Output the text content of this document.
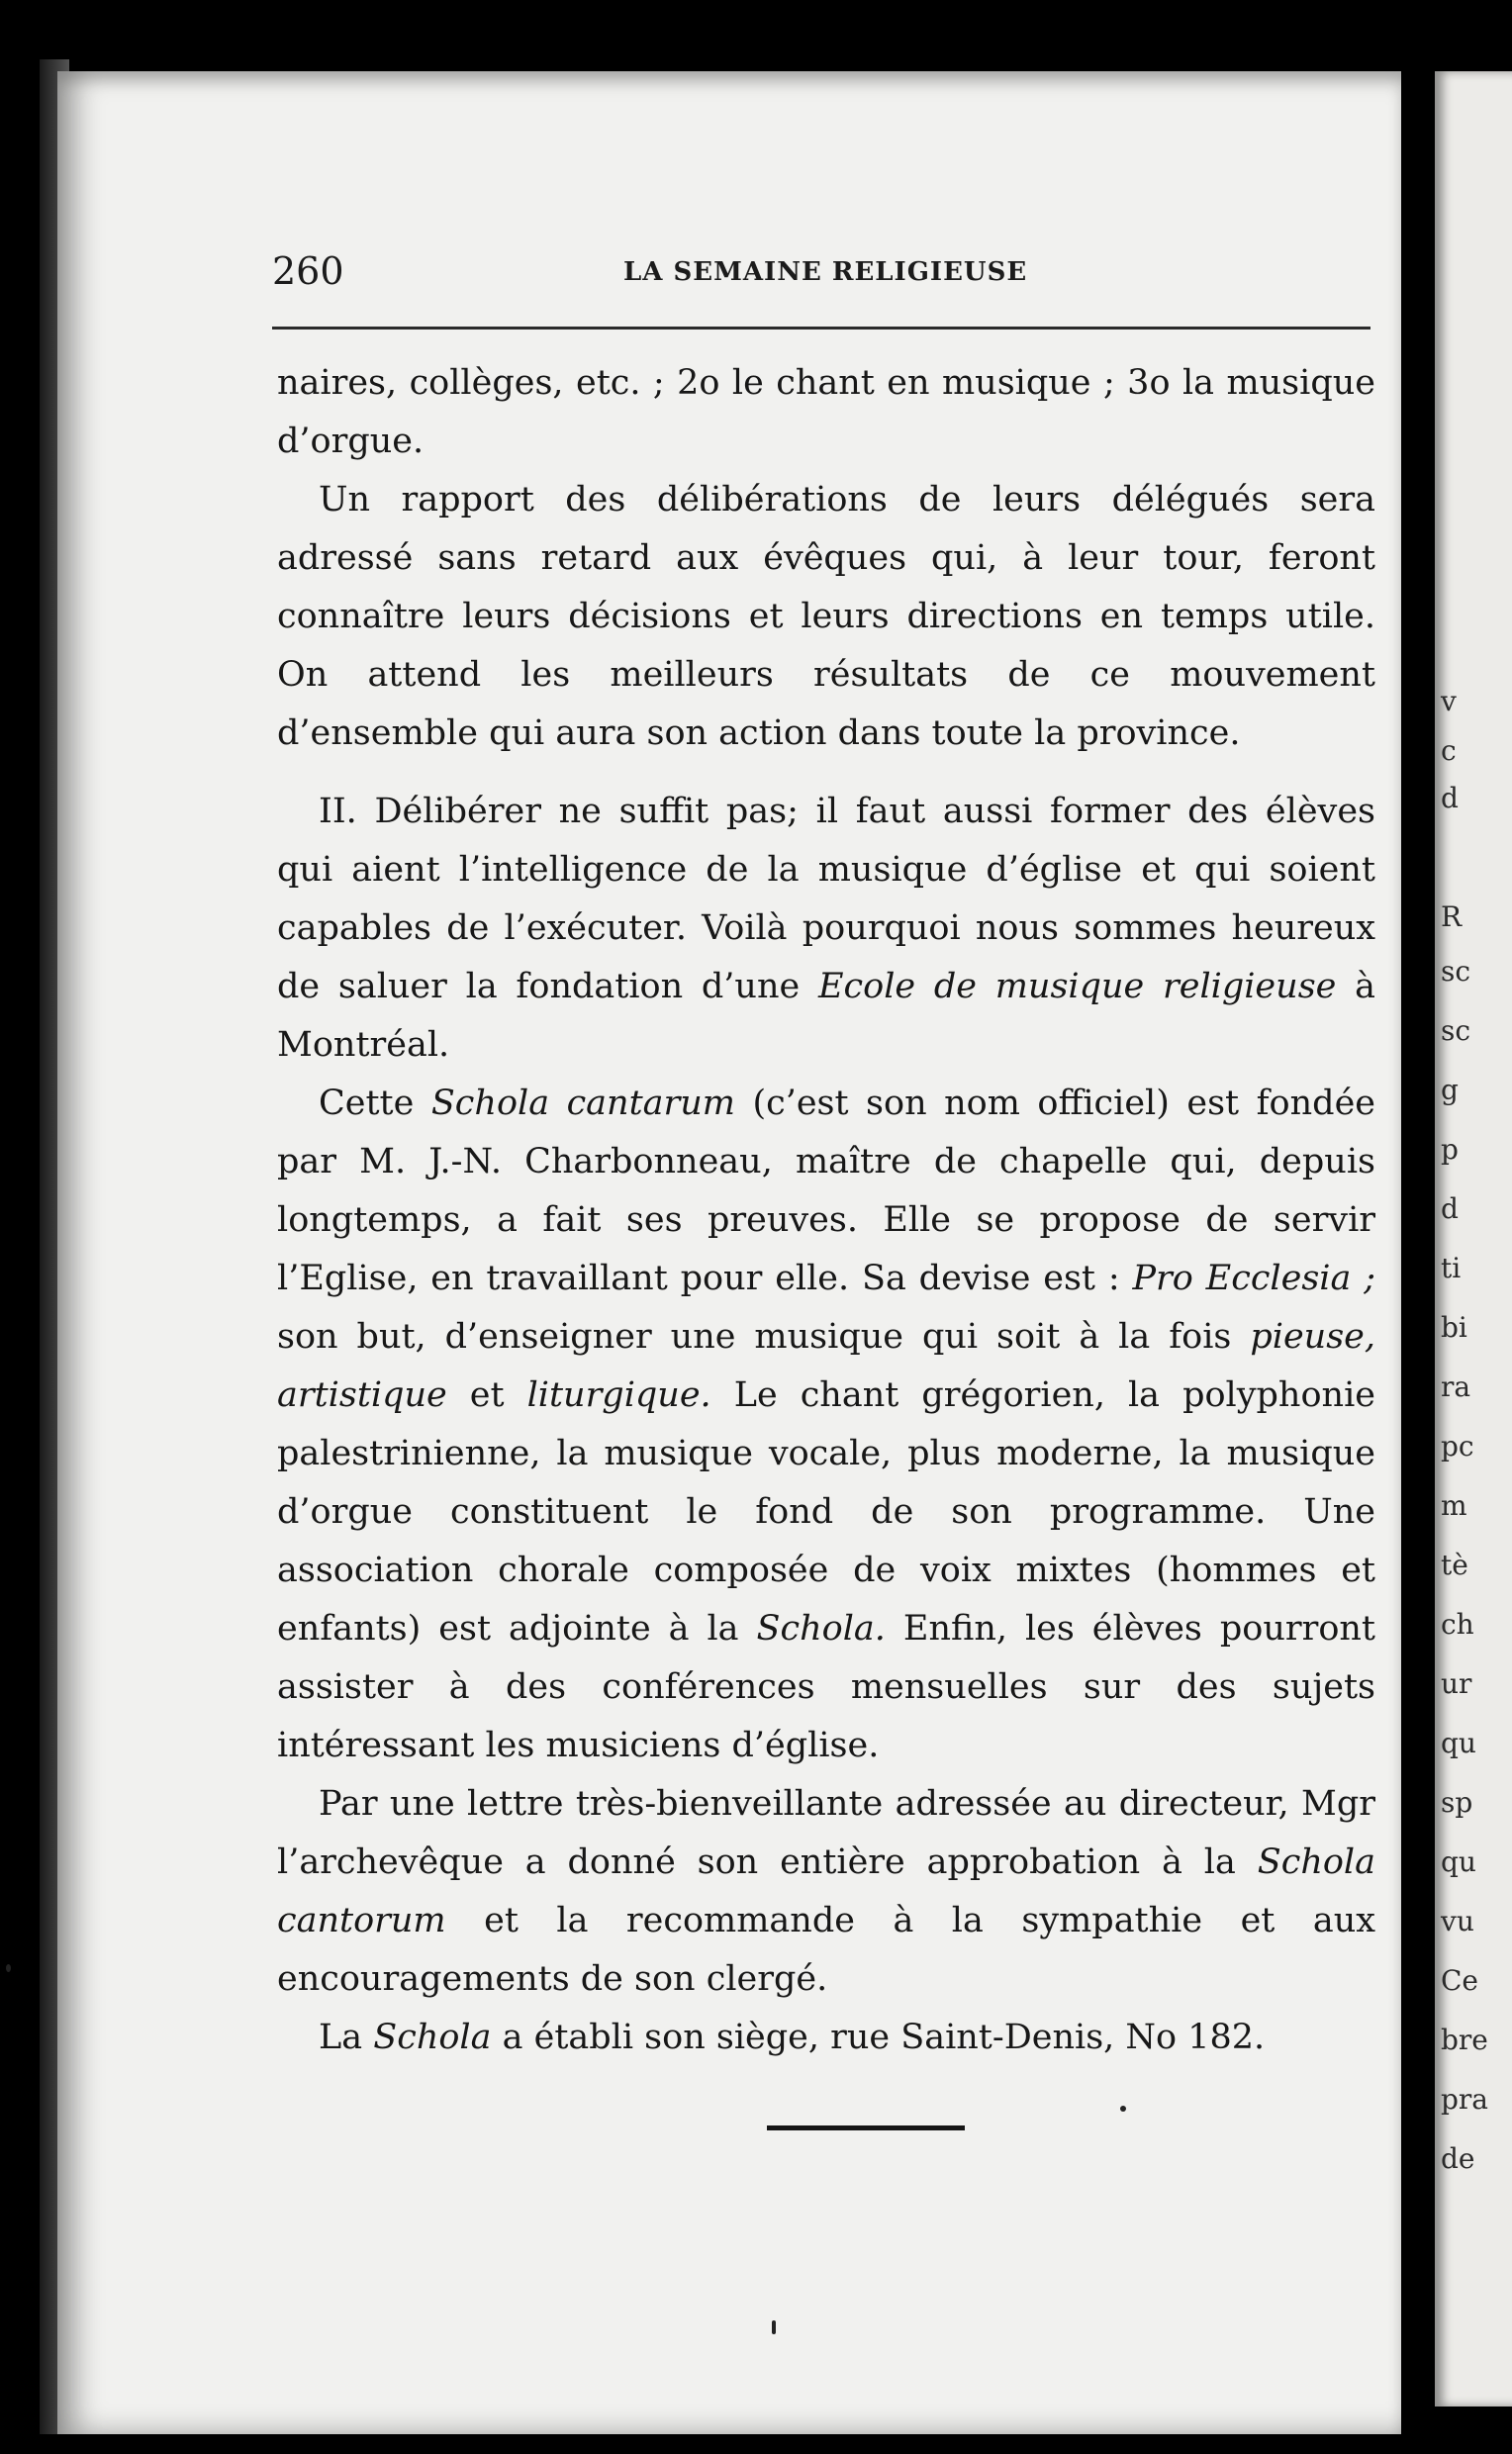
v
c
d
R
sc
sc
g
p
d
ti
bi
ra
pc
m
tè
ch
ur
qu
sp
qu
vu
Ce
bre
pra
de
260	LA SEMAINE RELIGIEUSE

naires, collèges, etc. ; 2o le chant en musique ; 3o la musique d’orgue.

Un rapport des délibérations de leurs délégués sera adressé sans retard aux évêques qui, à leur tour, feront connaître leurs décisions et leurs directions en temps utile. On attend les meilleurs résultats de ce mouvement d’ensemble qui aura son action dans toute la province.

II. Délibérer ne suffit pas; il faut aussi former des élèves qui aient l’intelligence de la musique d’église et qui soient capables de l’exécuter. Voilà pourquoi nous sommes heureux de saluer la fondation d’une Ecole de musique religieuse à Montréal.

Cette Schola cantarum (c’est son nom officiel) est fondée par M. J.-N. Charbonneau, maître de chapelle qui, depuis longtemps, a fait ses preuves. Elle se propose de servir l’Eglise, en travaillant pour elle. Sa devise est : Pro Ecclesia ; son but, d’enseigner une musique qui soit à la fois pieuse, artistique et liturgique. Le chant grégorien, la polyphonie palestrinienne, la musique vocale, plus moderne, la musique d’orgue constituent le fond de son programme. Une association chorale composée de voix mixtes (hommes et enfants) est adjointe à la Schola. Enfin, les élèves pourront assister à des conférences mensuelles sur des sujets intéressant les musiciens d’église.

Par une lettre très-bienveillante adressée au directeur, Mgr l’archevêque a donné son entière approbation à la Schola cantorum et la recommande à la sympathie et aux encouragements de son clergé.

La Schola a établi son siège, rue Saint-Denis, No 182.
